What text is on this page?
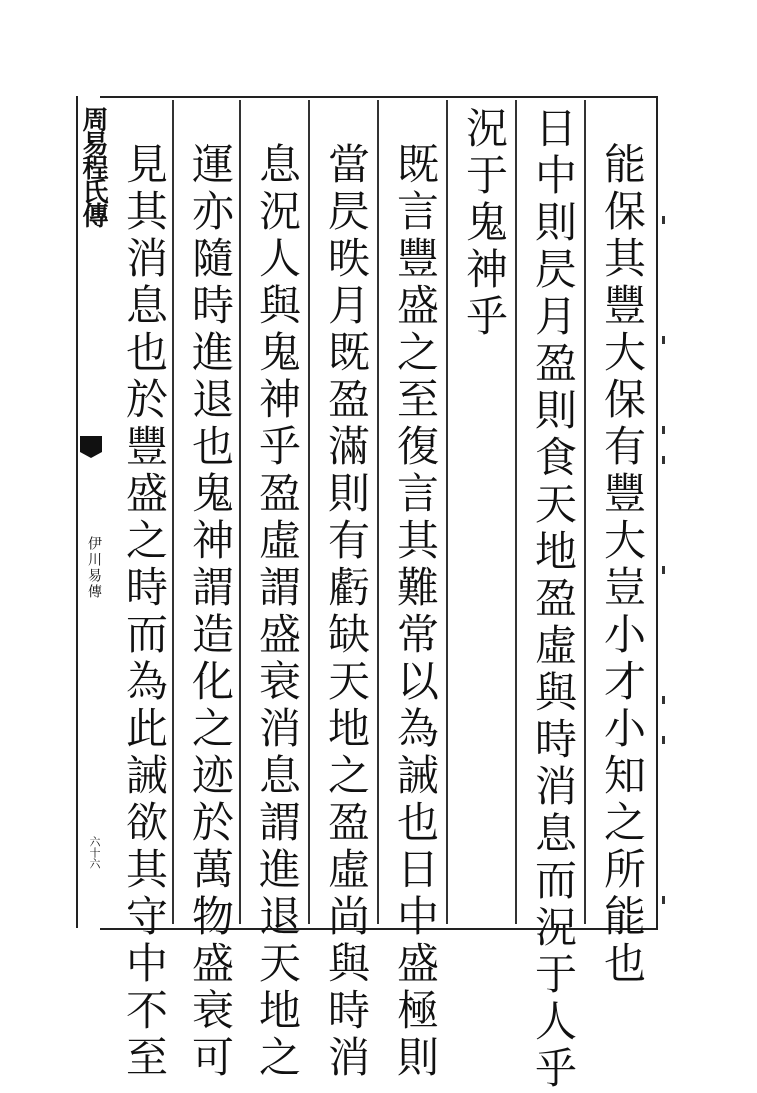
周易程氏傳
伊川易傳
六十六	能保其豐大保有豐大豈小才小知之所能也
日中則昃月盈則食天地盈虛與時消息而況于人乎
況于鬼神乎
既言豐盛之至復言其難常以為誡也日中盛極則
當昃昳月既盈滿則有虧缺天地之盈虛尚與時消
息況人與鬼神乎盈虛謂盛衰消息謂進退天地之
運亦隨時進退也鬼神謂造化之迹於萬物盛衰可
見其消息也於豐盛之時而為此誡欲其守中不至
